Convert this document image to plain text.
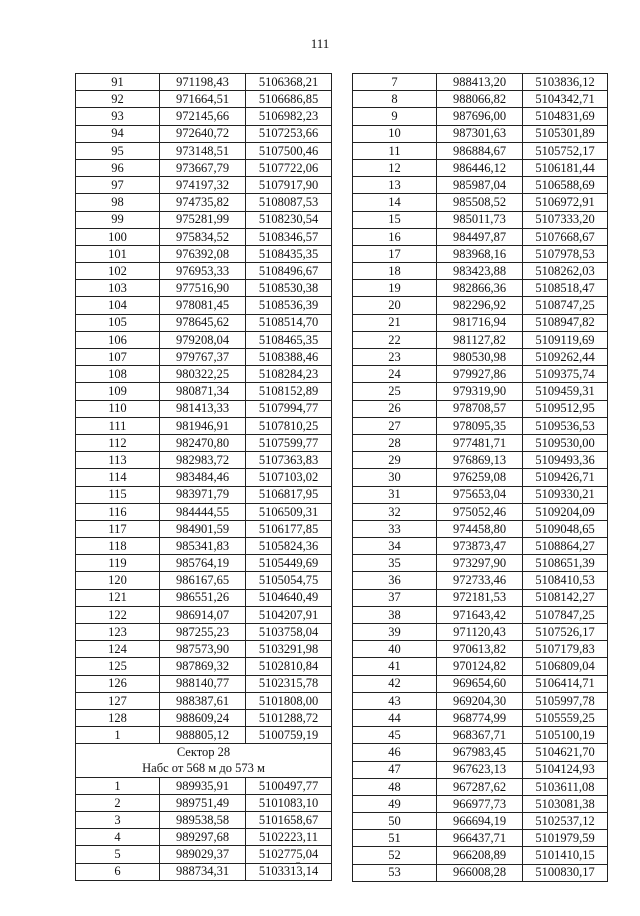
111
91	971198,43	5106368,21
92	971664,51	5106686,85
93	972145,66	5106982,23
94	972640,72	5107253,66
95	973148,51	5107500,46
96	973667,79	5107722,06
97	974197,32	5107917,90
98	974735,82	5108087,53
99	975281,99	5108230,54
100	975834,52	5108346,57
101	976392,08	5108435,35
102	976953,33	5108496,67
103	977516,90	5108530,38
104	978081,45	5108536,39
105	978645,62	5108514,70
106	979208,04	5108465,35
107	979767,37	5108388,46
108	980322,25	5108284,23
109	980871,34	5108152,89
110	981413,33	5107994,77
111	981946,91	5107810,25
112	982470,80	5107599,77
113	982983,72	5107363,83
114	983484,46	5107103,02
115	983971,79	5106817,95
116	984444,55	5106509,31
117	984901,59	5106177,85
118	985341,83	5105824,36
119	985764,19	5105449,69
120	986167,65	5105054,75
121	986551,26	5104640,49
122	986914,07	5104207,91
123	987255,23	5103758,04
124	987573,90	5103291,98
125	987869,32	5102810,84
126	988140,77	5102315,78
127	988387,61	5101808,00
128	988609,24	5101288,72
1	988805,12	5100759,19
Сектор 28		
Набс от 568 м до 573 м		
1	989935,91	5100497,77
2	989751,49	5101083,10
3	989538,58	5101658,67
4	989297,68	5102223,11
5	989029,37	5102775,04
6	988734,31	5103313,14
7	988413,20	5103836,12
8	988066,82	5104342,71
9	987696,00	5104831,69
10	987301,63	5105301,89
11	986884,67	5105752,17
12	986446,12	5106181,44
13	985987,04	5106588,69
14	985508,52	5106972,91
15	985011,73	5107333,20
16	984497,87	5107668,67
17	983968,16	5107978,53
18	983423,88	5108262,03
19	982866,36	5108518,47
20	982296,92	5108747,25
21	981716,94	5108947,82
22	981127,82	5109119,69
23	980530,98	5109262,44
24	979927,86	5109375,74
25	979319,90	5109459,31
26	978708,57	5109512,95
27	978095,35	5109536,53
28	977481,71	5109530,00
29	976869,13	5109493,36
30	976259,08	5109426,71
31	975653,04	5109330,21
32	975052,46	5109204,09
33	974458,80	5109048,65
34	973873,47	5108864,27
35	973297,90	5108651,39
36	972733,46	5108410,53
37	972181,53	5108142,27
38	971643,42	5107847,25
39	971120,43	5107526,17
40	970613,82	5107179,83
41	970124,82	5106809,04
42	969654,60	5106414,71
43	969204,30	5105997,78
44	968774,99	5105559,25
45	968367,71	5105100,19
46	967983,45	5104621,70
47	967623,13	5104124,93
48	967287,62	5103611,08
49	966977,73	5103081,38
50	966694,19	5102537,12
51	966437,71	5101979,59
52	966208,89	5101410,15
53	966008,28	5100830,17
